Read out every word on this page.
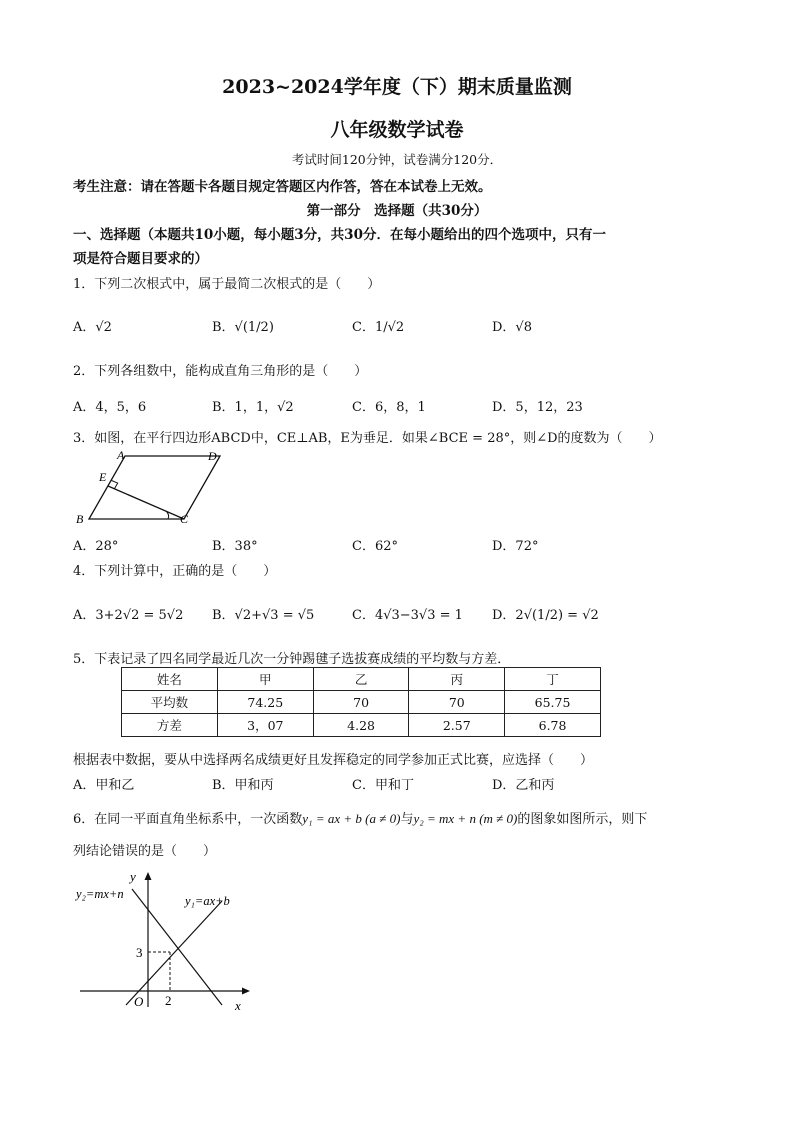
2023~2024学年度（下）期末质量监测
八年级数学试卷
考试时间120分钟，试卷满分120分．
考生注意：请在答题卡各题目规定答题区内作答，答在本试卷上无效。
第一部分　选择题（共30分）
一、选择题（本题共10小题，每小题3分，共30分．在每小题给出的四个选项中，只有一
项是符合题目要求的）
1．下列二次根式中，属于最简二次根式的是（　　）
A．√2	B．√(1/2)	C．1/√2	D．√8
2．下列各组数中，能构成直角三角形的是（　　）
A．4，5，6	B．1，1，√2	C．6，8，1	D．5，12，23
3．如图，在平行四边形ABCD中，CE⊥AB，E为垂足．如果∠BCE = 28°，则∠D的度数为（　　）
A	D
E
B	C
A．28°	B．38°	C．62°	D．72°
4．下列计算中，正确的是（　　）
A．3+2√2 = 5√2 B．√2+√3 = √5	C．4√3−3√3 = 1 D．2√(1/2) = √2
5．下表记录了四名同学最近几次一分钟踢毽子选拔赛成绩的平均数与方差．
姓名	甲	乙	丙	丁
平均数	74.25	70	70	65.75
方差	3，07	4.28	2.57	6.78
根据表中数据，要从中选择两名成绩更好且发挥稳定的同学参加正式比赛，应选择（　　）
A．甲和乙	B．甲和丙	C．甲和丁	D．乙和丙
6．在同一平面直角坐标系中，一次函数y₁ = ax + b (a ≠ 0)与y₂ = mx + n (m ≠ 0)的图象如图所示，则下
列结论错误的是（　　）
y
x
O
3
2
y₂=mx+n	y₁=ax+b
